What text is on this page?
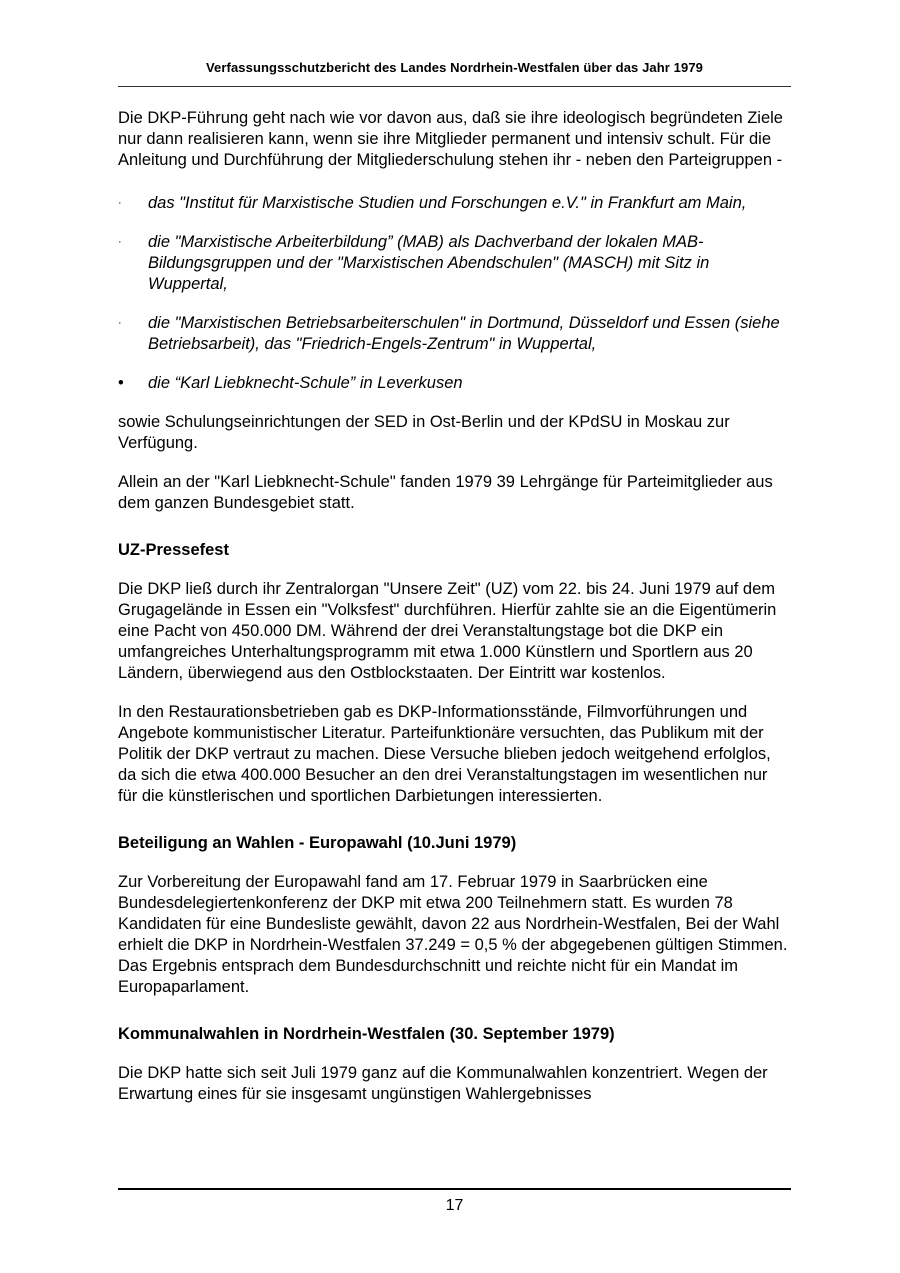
Verfassungsschutzbericht des Landes Nordrhein-Westfalen über das Jahr 1979

Die DKP-Führung geht nach wie vor davon aus, daß sie ihre ideologisch begründeten Ziele nur dann realisieren kann, wenn sie ihre Mitglieder permanent und intensiv schult. Für die Anleitung und Durchführung der Mitgliederschulung stehen ihr - neben den Parteigruppen -

·	das "Institut für Marxistische Studien und Forschungen e.V." in Frankfurt am Main,
·	die "Marxistische Arbeiterbildung” (MAB) als Dachverband der lokalen MAB-Bildungsgruppen und der "Marxistischen Abendschulen" (MASCH) mit Sitz in Wuppertal,
·	die "Marxistischen Betriebsarbeiterschulen" in Dortmund, Düsseldorf und Essen (siehe Betriebsarbeit), das "Friedrich-Engels-Zentrum" in Wuppertal,
•	die “Karl Liebknecht-Schule” in Leverkusen

sowie Schulungseinrichtungen der SED in Ost-Berlin und der KPdSU in Moskau zur Verfügung.

Allein an der "Karl Liebknecht-Schule" fanden 1979 39 Lehrgänge für Parteimitglieder aus dem ganzen Bundesgebiet statt.

UZ-Pressefest

Die DKP ließ durch ihr Zentralorgan "Unsere Zeit" (UZ) vom 22. bis 24. Juni 1979 auf dem Grugagelände in Essen ein "Volksfest" durchführen. Hierfür zahlte sie an die Eigentümerin eine Pacht von 450.000 DM. Während der drei Veranstaltungstage bot die DKP ein umfangreiches Unterhaltungsprogramm mit etwa 1.000 Künstlern und Sportlern aus 20 Ländern, überwiegend aus den Ostblockstaaten. Der Eintritt war kostenlos.

In den Restaurationsbetrieben gab es DKP-Informationsstände, Filmvorführungen und Angebote kommunistischer Literatur. Parteifunktionäre versuchten, das Publikum mit der Politik der DKP vertraut zu machen. Diese Versuche blieben jedoch weitgehend erfolglos, da sich die etwa 400.000 Besucher an den drei Veranstaltungstagen im wesentlichen nur für die künstlerischen und sportlichen Darbietungen interessierten.

Beteiligung an Wahlen - Europawahl (10.Juni 1979)

Zur Vorbereitung der Europawahl fand am 17. Februar 1979 in Saarbrücken eine Bundesdelegiertenkonferenz der DKP mit etwa 200 Teilnehmern statt. Es wurden 78 Kandidaten für eine Bundesliste gewählt, davon 22 aus Nordrhein-Westfalen, Bei der Wahl erhielt die DKP in Nordrhein-Westfalen 37.249 = 0,5 % der abgegebenen gültigen Stimmen. Das Ergebnis entsprach dem Bundesdurchschnitt und reichte nicht für ein Mandat im Europaparlament.

Kommunalwahlen in Nordrhein-Westfalen (30. September 1979)

Die DKP hatte sich seit Juli 1979 ganz auf die Kommunalwahlen konzentriert. Wegen der Erwartung eines für sie insgesamt ungünstigen Wahlergebnisses

17
